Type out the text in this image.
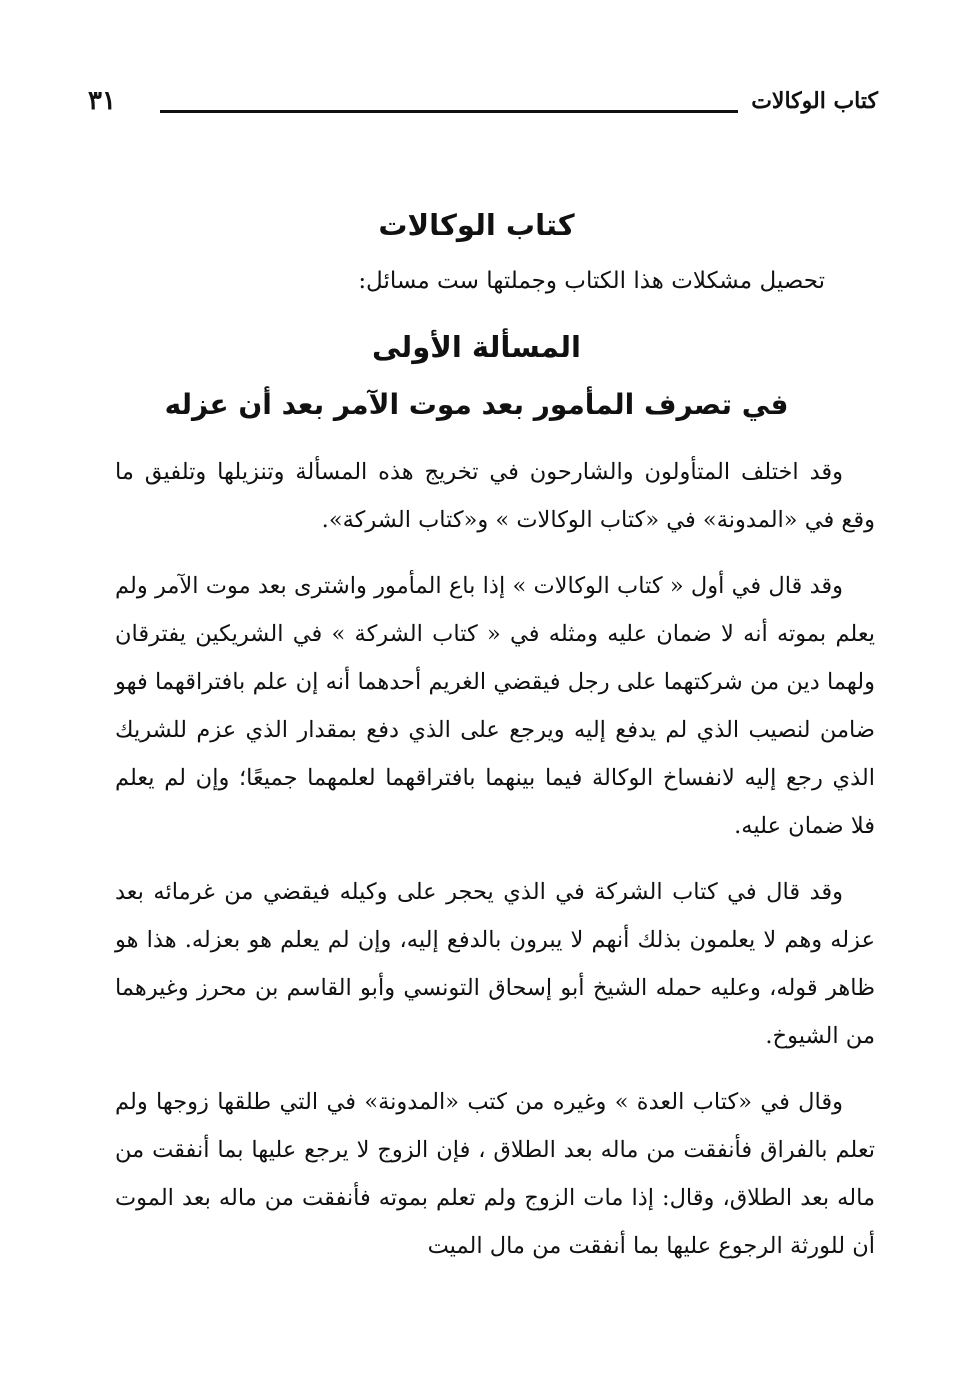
كتاب الوكالات
٣١
كتاب الوكالات
تحصيل مشكلات هذا الكتاب وجملتها ست مسائل:
المسألة الأولى
في تصرف المأمور بعد موت الآمر بعد أن عزله

وقد اختلف المتأولون والشارحون في تخريج هذه المسألة وتنزيلها وتلفيق ما وقع في «المدونة» في «كتاب الوكالات » و«كتاب الشركة».

وقد قال في أول « كتاب الوكالات » إذا باع المأمور واشترى بعد موت الآمر ولم يعلم بموته أنه لا ضمان عليه ومثله في « كتاب الشركة » في الشريكين يفترقان ولهما دين من شركتهما على رجل فيقضي الغريم أحدهما أنه إن علم بافتراقهما فهو ضامن لنصيب الذي لم يدفع إليه ويرجع على الذي دفع بمقدار الذي عزم للشريك الذي رجع إليه لانفساخ الوكالة فيما بينهما بافتراقهما لعلمهما جميعًا؛ وإن لم يعلم فلا ضمان عليه.

وقد قال في كتاب الشركة في الذي يحجر على وكيله فيقضي من غرمائه بعد عزله وهم لا يعلمون بذلك أنهم لا يبرون بالدفع إليه، وإن لم يعلم هو بعزله. هذا هو ظاهر قوله، وعليه حمله الشيخ أبو إسحاق التونسي وأبو القاسم بن محرز وغيرهما من الشيوخ.

وقال في «كتاب العدة » وغيره من كتب «المدونة» في التي طلقها زوجها ولم تعلم بالفراق فأنفقت من ماله بعد الطلاق ، فإن الزوج لا يرجع عليها بما أنفقت من ماله بعد الطلاق، وقال: إذا مات الزوج ولم تعلم بموته فأنفقت من ماله بعد الموت أن للورثة الرجوع عليها بما أنفقت من مال الميت
